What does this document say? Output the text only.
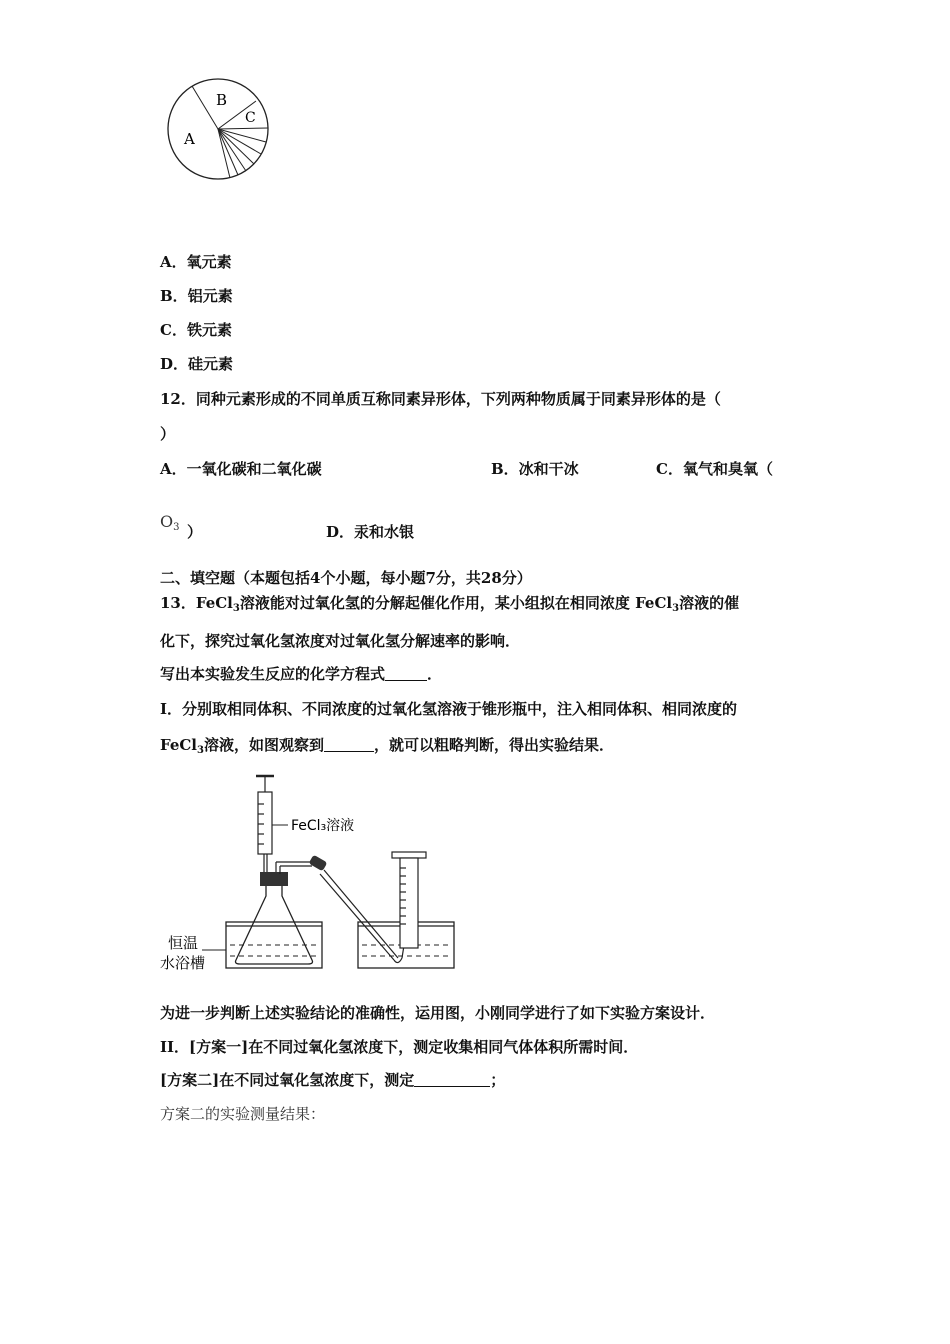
A
B
C
A．氧元素
B．铝元素
C．铁元素
D．硅元素
12．同种元素形成的不同单质互称同素异形体，下列两种物质属于同素异形体的是（
）
A．一氧化碳和二氧化碳	B．冰和干冰	C．氧气和臭氧（
$O_3$ ）	D．汞和水银
二、填空题（本题包括4个小题，每小题7分，共28分）
13．FeCl$_3$溶液能对过氧化氢的分解起催化作用，某小组拟在相同浓度 FeCl$_3$溶液的催
化下，探究过氧化氢浓度对过氧化氢分解速率的影响．
写出本实验发生反应的化学方程式	．
I．分别取相同体积、不同浓度的过氧化氢溶液于锥形瓶中，注入相同体积、相同浓度的
FeCl$_3$溶液，如图观察到	，就可以粗略判断，得出实验结果．
FeCl₃溶液
恒温
水浴槽
为进一步判断上述实验结论的准确性，运用图，小刚同学进行了如下实验方案设计．
II．[方案一]在不同过氧化氢浓度下，测定收集相同气体体积所需时间．
[方案二]在不同过氧化氢浓度下，测定	；
方案二的实验测量结果：
